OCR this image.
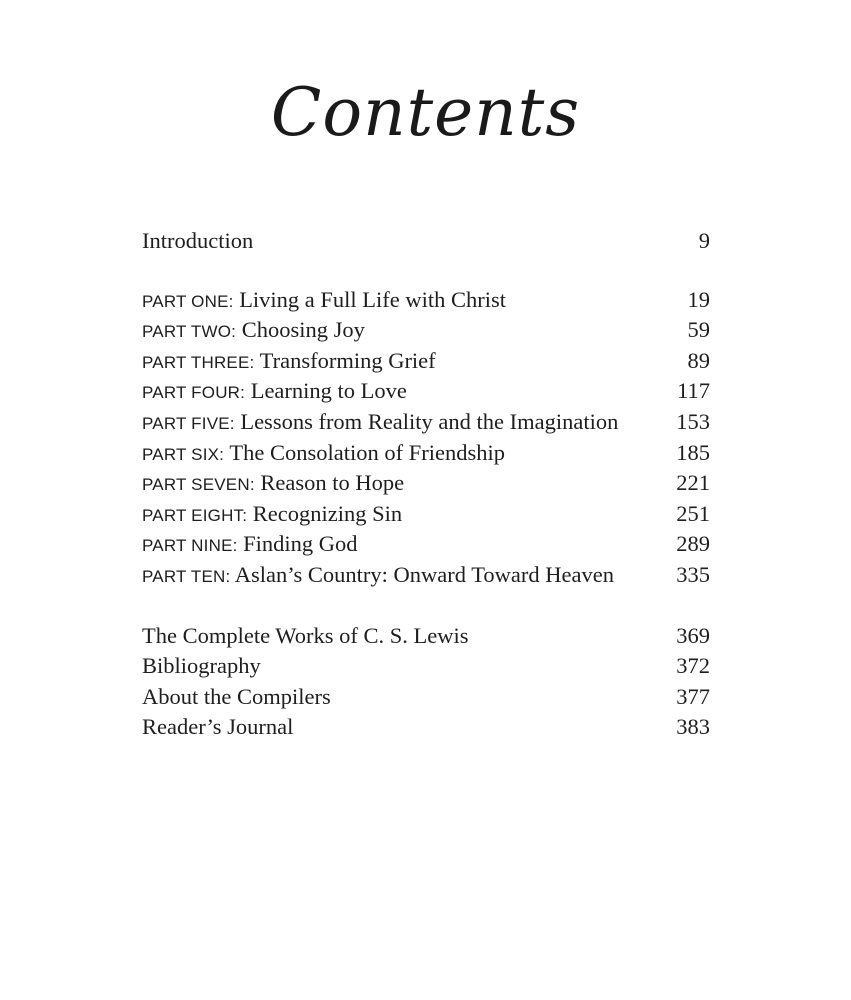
Contents
Introduction	9
PART ONE: Living a Full Life with Christ	19
PART TWO: Choosing Joy	59
PART THREE: Transforming Grief	89
PART FOUR: Learning to Love	117
PART FIVE: Lessons from Reality and the Imagination	153
PART SIX: The Consolation of Friendship	185
PART SEVEN: Reason to Hope	221
PART EIGHT: Recognizing Sin	251
PART NINE: Finding God	289
PART TEN: Aslan’s Country: Onward Toward Heaven	335
The Complete Works of C. S. Lewis	369
Bibliography	372
About the Compilers	377
Reader’s Journal	383
